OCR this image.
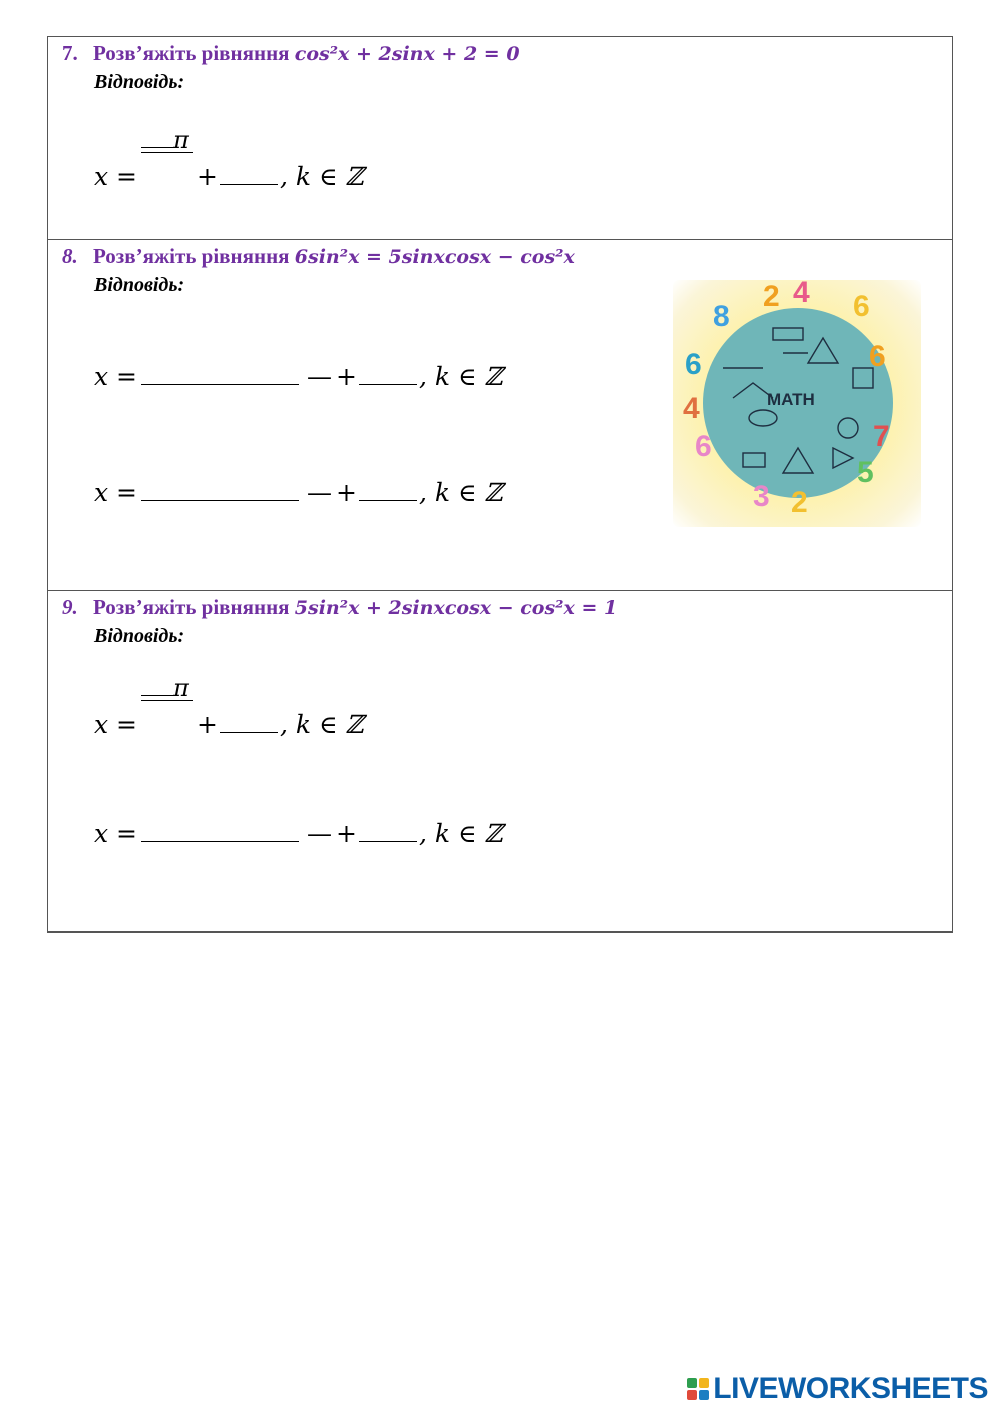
7. Розв’яжіть рівняння cos²x + 2sinx + 2 = 0
Відповідь:
x =
π
+ , k ∈ ℤ
8. Розв’яжіть рівняння 6sin²x = 5sinxcosx − cos²x
Відповідь:
x =	— + , k ∈ ℤ
x =	— + , k ∈ ℤ
9. Розв’яжіть рівняння 5sin²x + 2sinxcosx − cos²x = 1
Відповідь:
x =
π
+ , k ∈ ℤ
x =	— + , k ∈ ℤ
MATH
2 4 6
8
6
4
6
3 2
5
7
6
LIVEWORKSHEETS
